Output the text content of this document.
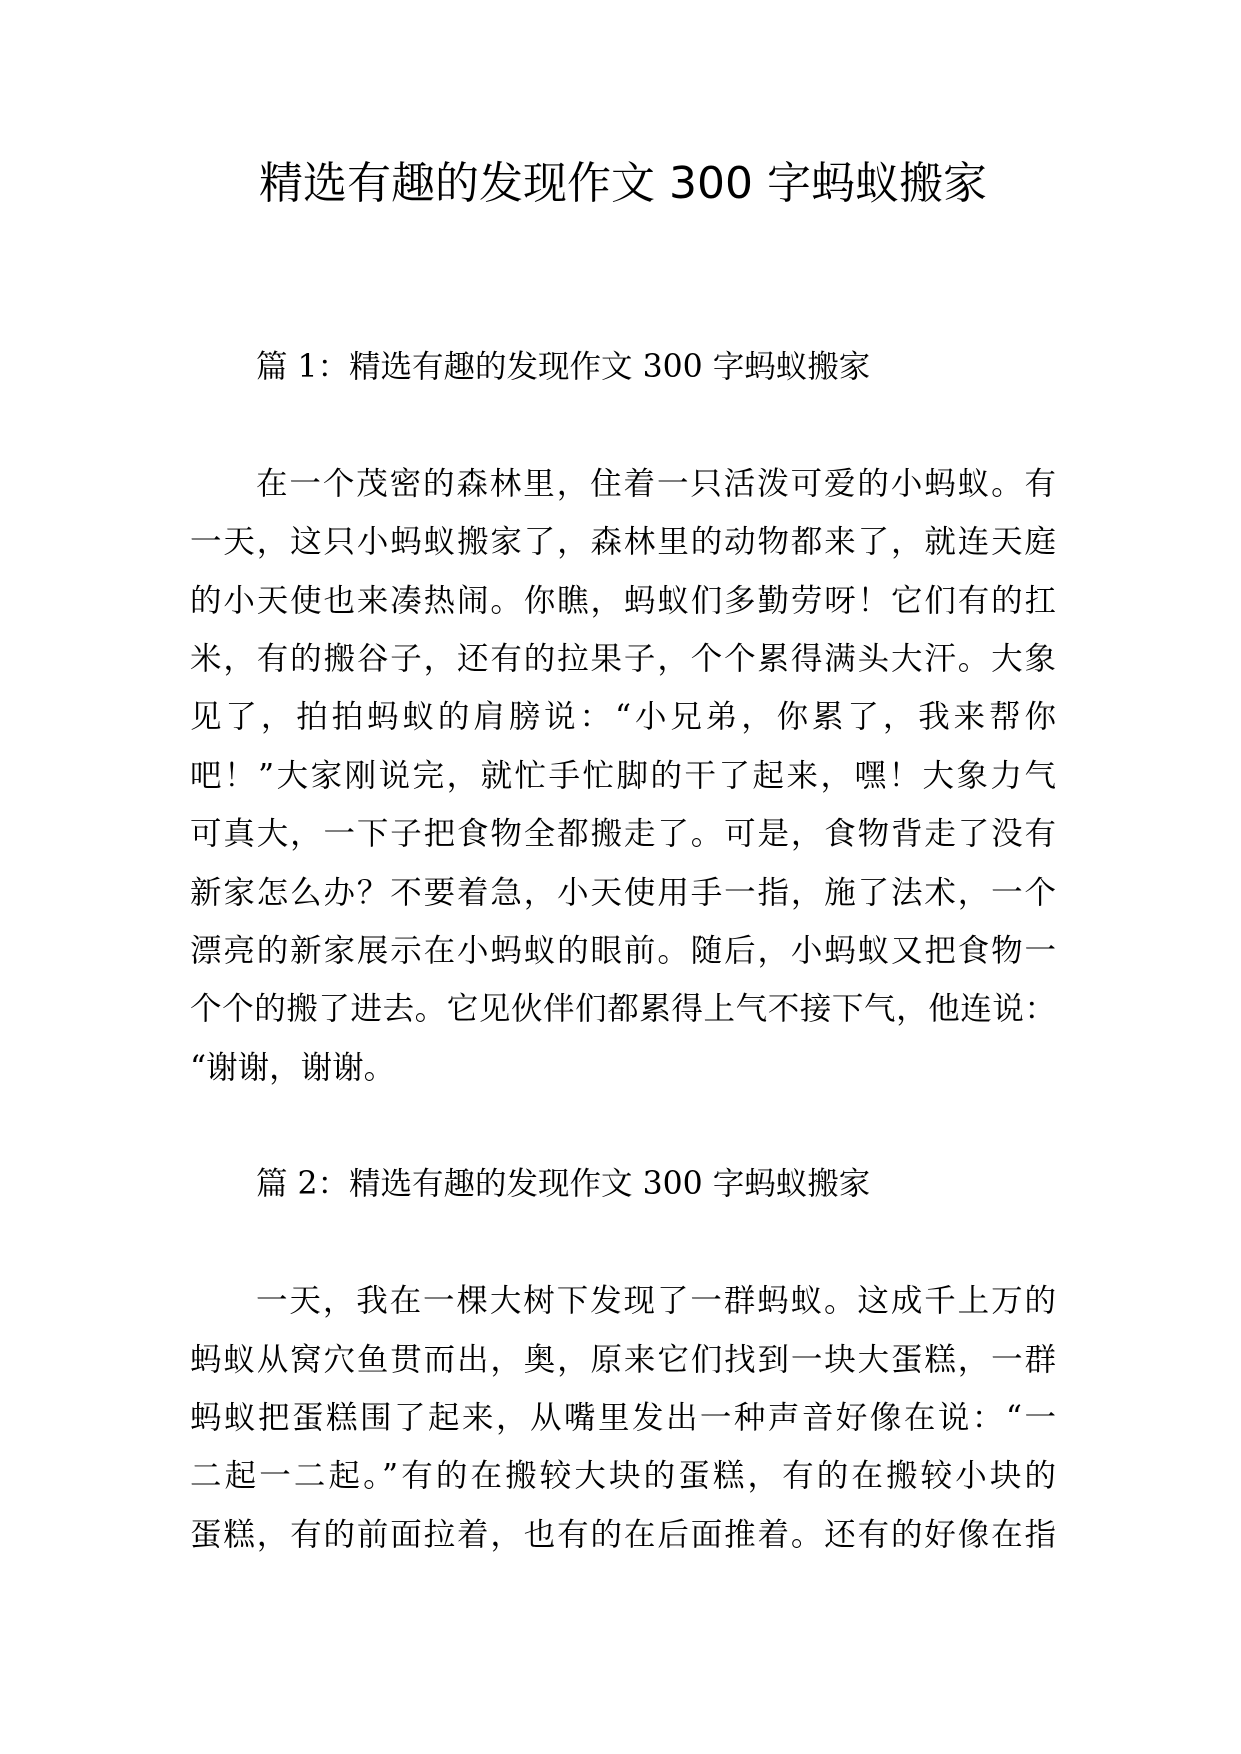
精选有趣的发现作文 300 字蚂蚁搬家
篇 1：精选有趣的发现作文 300 字蚂蚁搬家
在一个茂密的森林里，住着一只活泼可爱的小蚂蚁。有
一天，这只小蚂蚁搬家了，森林里的动物都来了，就连天庭
的小天使也来凑热闹。你瞧，蚂蚁们多勤劳呀！它们有的扛
米，有的搬谷子，还有的拉果子，个个累得满头大汗。大象
见了，拍拍蚂蚁的肩膀说：“小兄弟，你累了，我来帮你
吧！”大家刚说完，就忙手忙脚的干了起来，嘿！大象力气
可真大，一下子把食物全都搬走了。可是，食物背走了没有
新家怎么办？不要着急，小天使用手一指，施了法术，一个
漂亮的新家展示在小蚂蚁的眼前。随后，小蚂蚁又把食物一
个个的搬了进去。它见伙伴们都累得上气不接下气，他连说：
“谢谢，谢谢。
篇 2：精选有趣的发现作文 300 字蚂蚁搬家
一天，我在一棵大树下发现了一群蚂蚁。这成千上万的
蚂蚁从窝穴鱼贯而出，奥，原来它们找到一块大蛋糕，一群
蚂蚁把蛋糕围了起来，从嘴里发出一种声音好像在说：“一
二起一二起。”有的在搬较大块的蛋糕，有的在搬较小块的
蛋糕，有的前面拉着，也有的在后面推着。还有的好像在指
